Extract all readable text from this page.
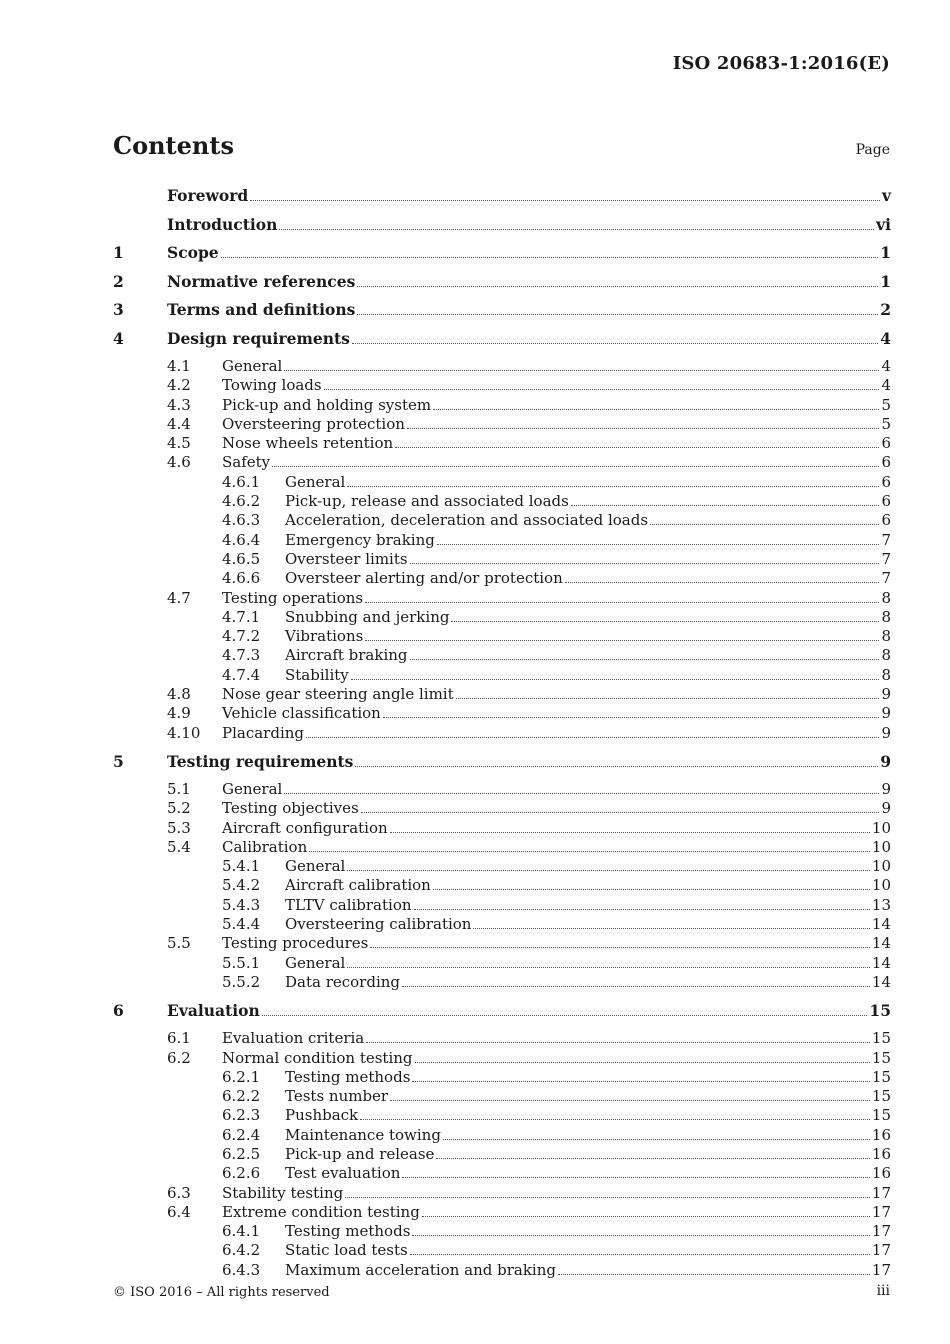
ISO 20683-1:2016(E)
Contents	Page
Foreword	v
Introduction	vi
1	Scope	1
2	Normative references	1
3	Terms and definitions	2
4	Design requirements	4
4.1	General	4
4.2	Towing loads	4
4.3	Pick-up and holding system	5
4.4	Oversteering protection	5
4.5	Nose wheels retention	6
4.6	Safety	6
4.6.1	General	6
4.6.2	Pick-up, release and associated loads	6
4.6.3	Acceleration, deceleration and associated loads	6
4.6.4	Emergency braking	7
4.6.5	Oversteer limits	7
4.6.6	Oversteer alerting and/or protection	7
4.7	Testing operations	8
4.7.1	Snubbing and jerking	8
4.7.2	Vibrations	8
4.7.3	Aircraft braking	8
4.7.4	Stability	8
4.8	Nose gear steering angle limit	9
4.9	Vehicle classification	9
4.10	Placarding	9
5	Testing requirements	9
5.1	General	9
5.2	Testing objectives	9
5.3	Aircraft configuration	10
5.4	Calibration	10
5.4.1	General	10
5.4.2	Aircraft calibration	10
5.4.3	TLTV calibration	13
5.4.4	Oversteering calibration	14
5.5	Testing procedures	14
5.5.1	General	14
5.5.2	Data recording	14
6	Evaluation	15
6.1	Evaluation criteria	15
6.2	Normal condition testing	15
6.2.1	Testing methods	15
6.2.2	Tests number	15
6.2.3	Pushback	15
6.2.4	Maintenance towing	16
6.2.5	Pick-up and release	16
6.2.6	Test evaluation	16
6.3	Stability testing	17
6.4	Extreme condition testing	17
6.4.1	Testing methods	17
6.4.2	Static load tests	17
6.4.3	Maximum acceleration and braking	17
© ISO 2016 – All rights reserved	iii
